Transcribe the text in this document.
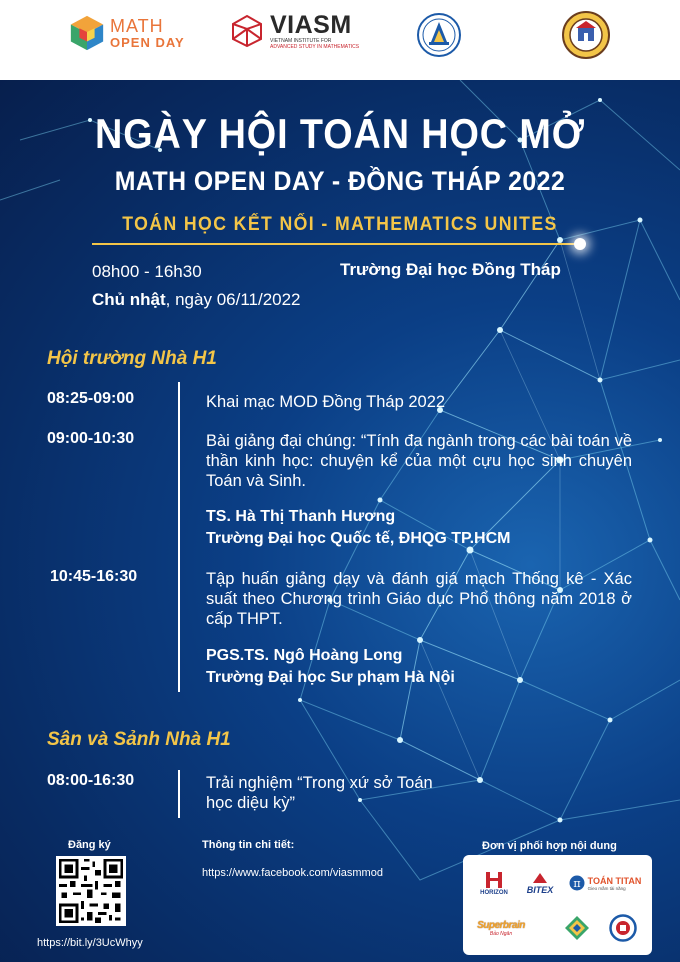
MATH
OPEN DAY
VIASM
VIETNAM INSTITUTE FOR
ADVANCED STUDY IN MATHEMATICS
NGÀY HỘI TOÁN HỌC MỞ
MATH OPEN DAY - ĐỒNG THÁP 2022
TOÁN HỌC KẾT NỐI - MATHEMATICS UNITES
08h00 - 16h30	Trường Đại học Đồng Tháp
Chủ nhật, ngày 06/11/2022
Hội trường Nhà H1
08:25-09:00	Khai mạc MOD Đồng Tháp 2022
09:00-10:30	Bài giảng đại chúng: “Tính đa ngành trong các bài toán về thần kinh học: chuyện kể của một cựu học sinh chuyên Toán và Sinh.
TS. Hà Thị Thanh Hương
Trường Đại học Quốc tế, ĐHQG TP.HCM
10:45-16:30	Tập huấn giảng dạy và đánh giá mạch Thống kê - Xác suất theo Chương trình Giáo dục Phổ thông năm 2018 ở cấp THPT.
PGS.TS. Ngô Hoàng Long
Trường Đại học Sư phạm Hà Nội
Sân và Sảnh Nhà H1
08:00-16:30	Trải nghiệm “Trong xứ sở Toán học diệu kỳ”
Đăng ký
https://bit.ly/3UcWhyy
Thông tin chi tiết:
https://www.facebook.com/viasmmod
Đơn vị phối hợp nội dung
HORIZON BITEX π TOÁN TITAN
Gieo mầm tài năng
Superbrain
Bảo Ngân
